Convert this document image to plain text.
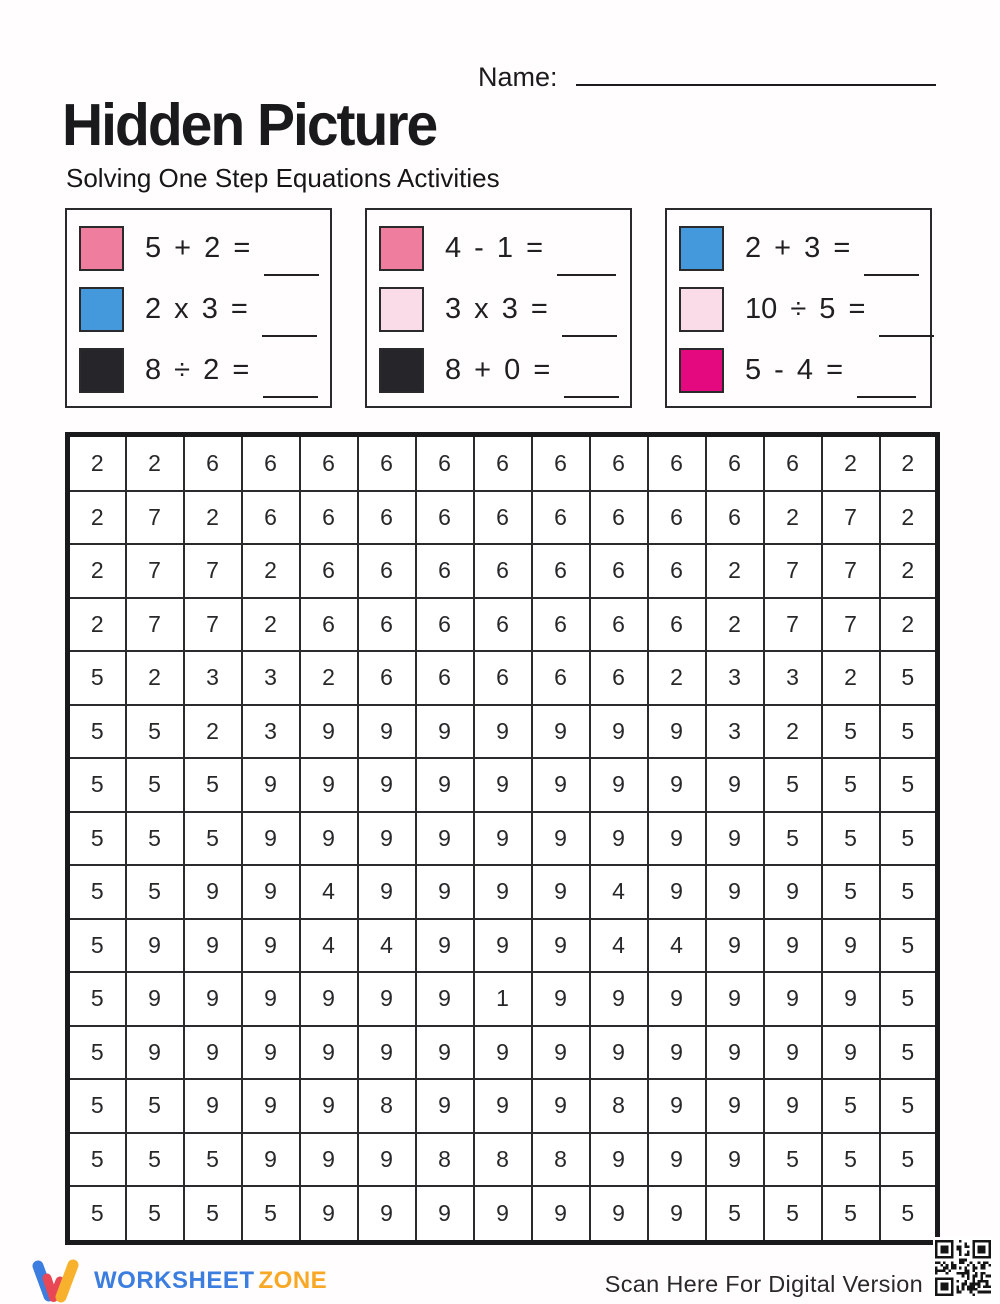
Name:
Hidden Picture
Solving One Step Equations Activities
5 + 2 =
2 x 3 =
8 ÷ 2 =
4 - 1 =
3 x 3 =
8 + 0 =
2 + 3 =
10 ÷ 5 =
5 - 4 =
2	2	6	6	6	6	6	6	6	6	6	6	6	2	2
2	7	2	6	6	6	6	6	6	6	6	6	2	7	2
2	7	7	2	6	6	6	6	6	6	6	2	7	7	2
2	7	7	2	6	6	6	6	6	6	6	2	7	7	2
5	2	3	3	2	6	6	6	6	6	2	3	3	2	5
5	5	2	3	9	9	9	9	9	9	9	3	2	5	5
5	5	5	9	9	9	9	9	9	9	9	9	5	5	5
5	5	5	9	9	9	9	9	9	9	9	9	5	5	5
5	5	9	9	4	9	9	9	9	4	9	9	9	5	5
5	9	9	9	4	4	9	9	9	4	4	9	9	9	5
5	9	9	9	9	9	9	1	9	9	9	9	9	9	5
5	9	9	9	9	9	9	9	9	9	9	9	9	9	5
5	5	9	9	9	8	9	9	9	8	9	9	9	5	5
5	5	5	9	9	9	8	8	8	9	9	9	5	5	5
5	5	5	5	9	9	9	9	9	9	9	5	5	5	5
WORKSHEET ZONE	Scan Here For Digital Version
